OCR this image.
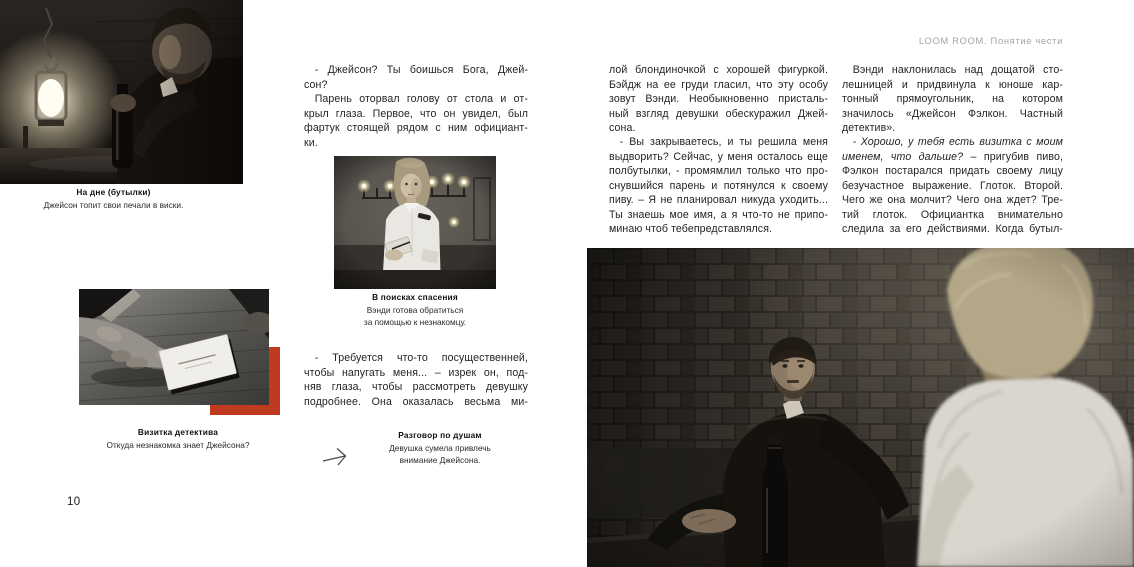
На дне (бутылки)
Джейсон топит свои печали в виски.
Визитка детектива
Откуда незнакомка знает Джейсона?
10
 - Джейсон? Ты боишься Бога, Джей-
сон?
 Парень оторвал голову от стола и от-
крыл глаза. Первое, что он увидел, был
фартук стоящей рядом с ним официант-
ки.
В поисках спасения
Вэнди готова обратиться
за помощью к незнакомцу.
 - Требуется что-то посущественней,
чтобы напугать меня... – изрек он, под-
няв глаза, чтобы рассмотреть девушку
подробнее. Она оказалась весьма ми-
Разговор по душам
Девушка сумела привлечь
внимание Джейсона.
LOOM ROOM. Понятие чести
лой блондиночкой с хорошей фигуркой.
Бэйдж на ее груди гласил, что эту особу
зовут Вэнди. Необыкновенно присталь-
ный взгляд девушки обескуражил Джей-
сона.
 - Вы закрываетесь, и ты решила меня
выдворить? Сейчас, у меня осталось еще
полбутылки, - промямлил только что про-
снувшийся парень и потянулся к своему
пиву. – Я не планировал никуда уходить...
Ты знаешь мое имя, а я что-то не припо-
минаю чтоб тебепредставлялся.
 Вэнди наклонилась над дощатой сто-
лешницей и придвинула к юноше кар-
тонный прямоугольник, на котором
значилось «Джейсон Фэлкон. Частный
детектив».
 - Хорошо, у тебя есть визитка с моим
именем, что дальше? – пригубив пиво,
Фэлкон постарался придать своему лицу
безучастное выражение. Глоток. Второй.
Чего же она молчит? Чего она ждет? Тре-
тий глоток. Официантка внимательно
следила за его действиями. Когда бутыл-
